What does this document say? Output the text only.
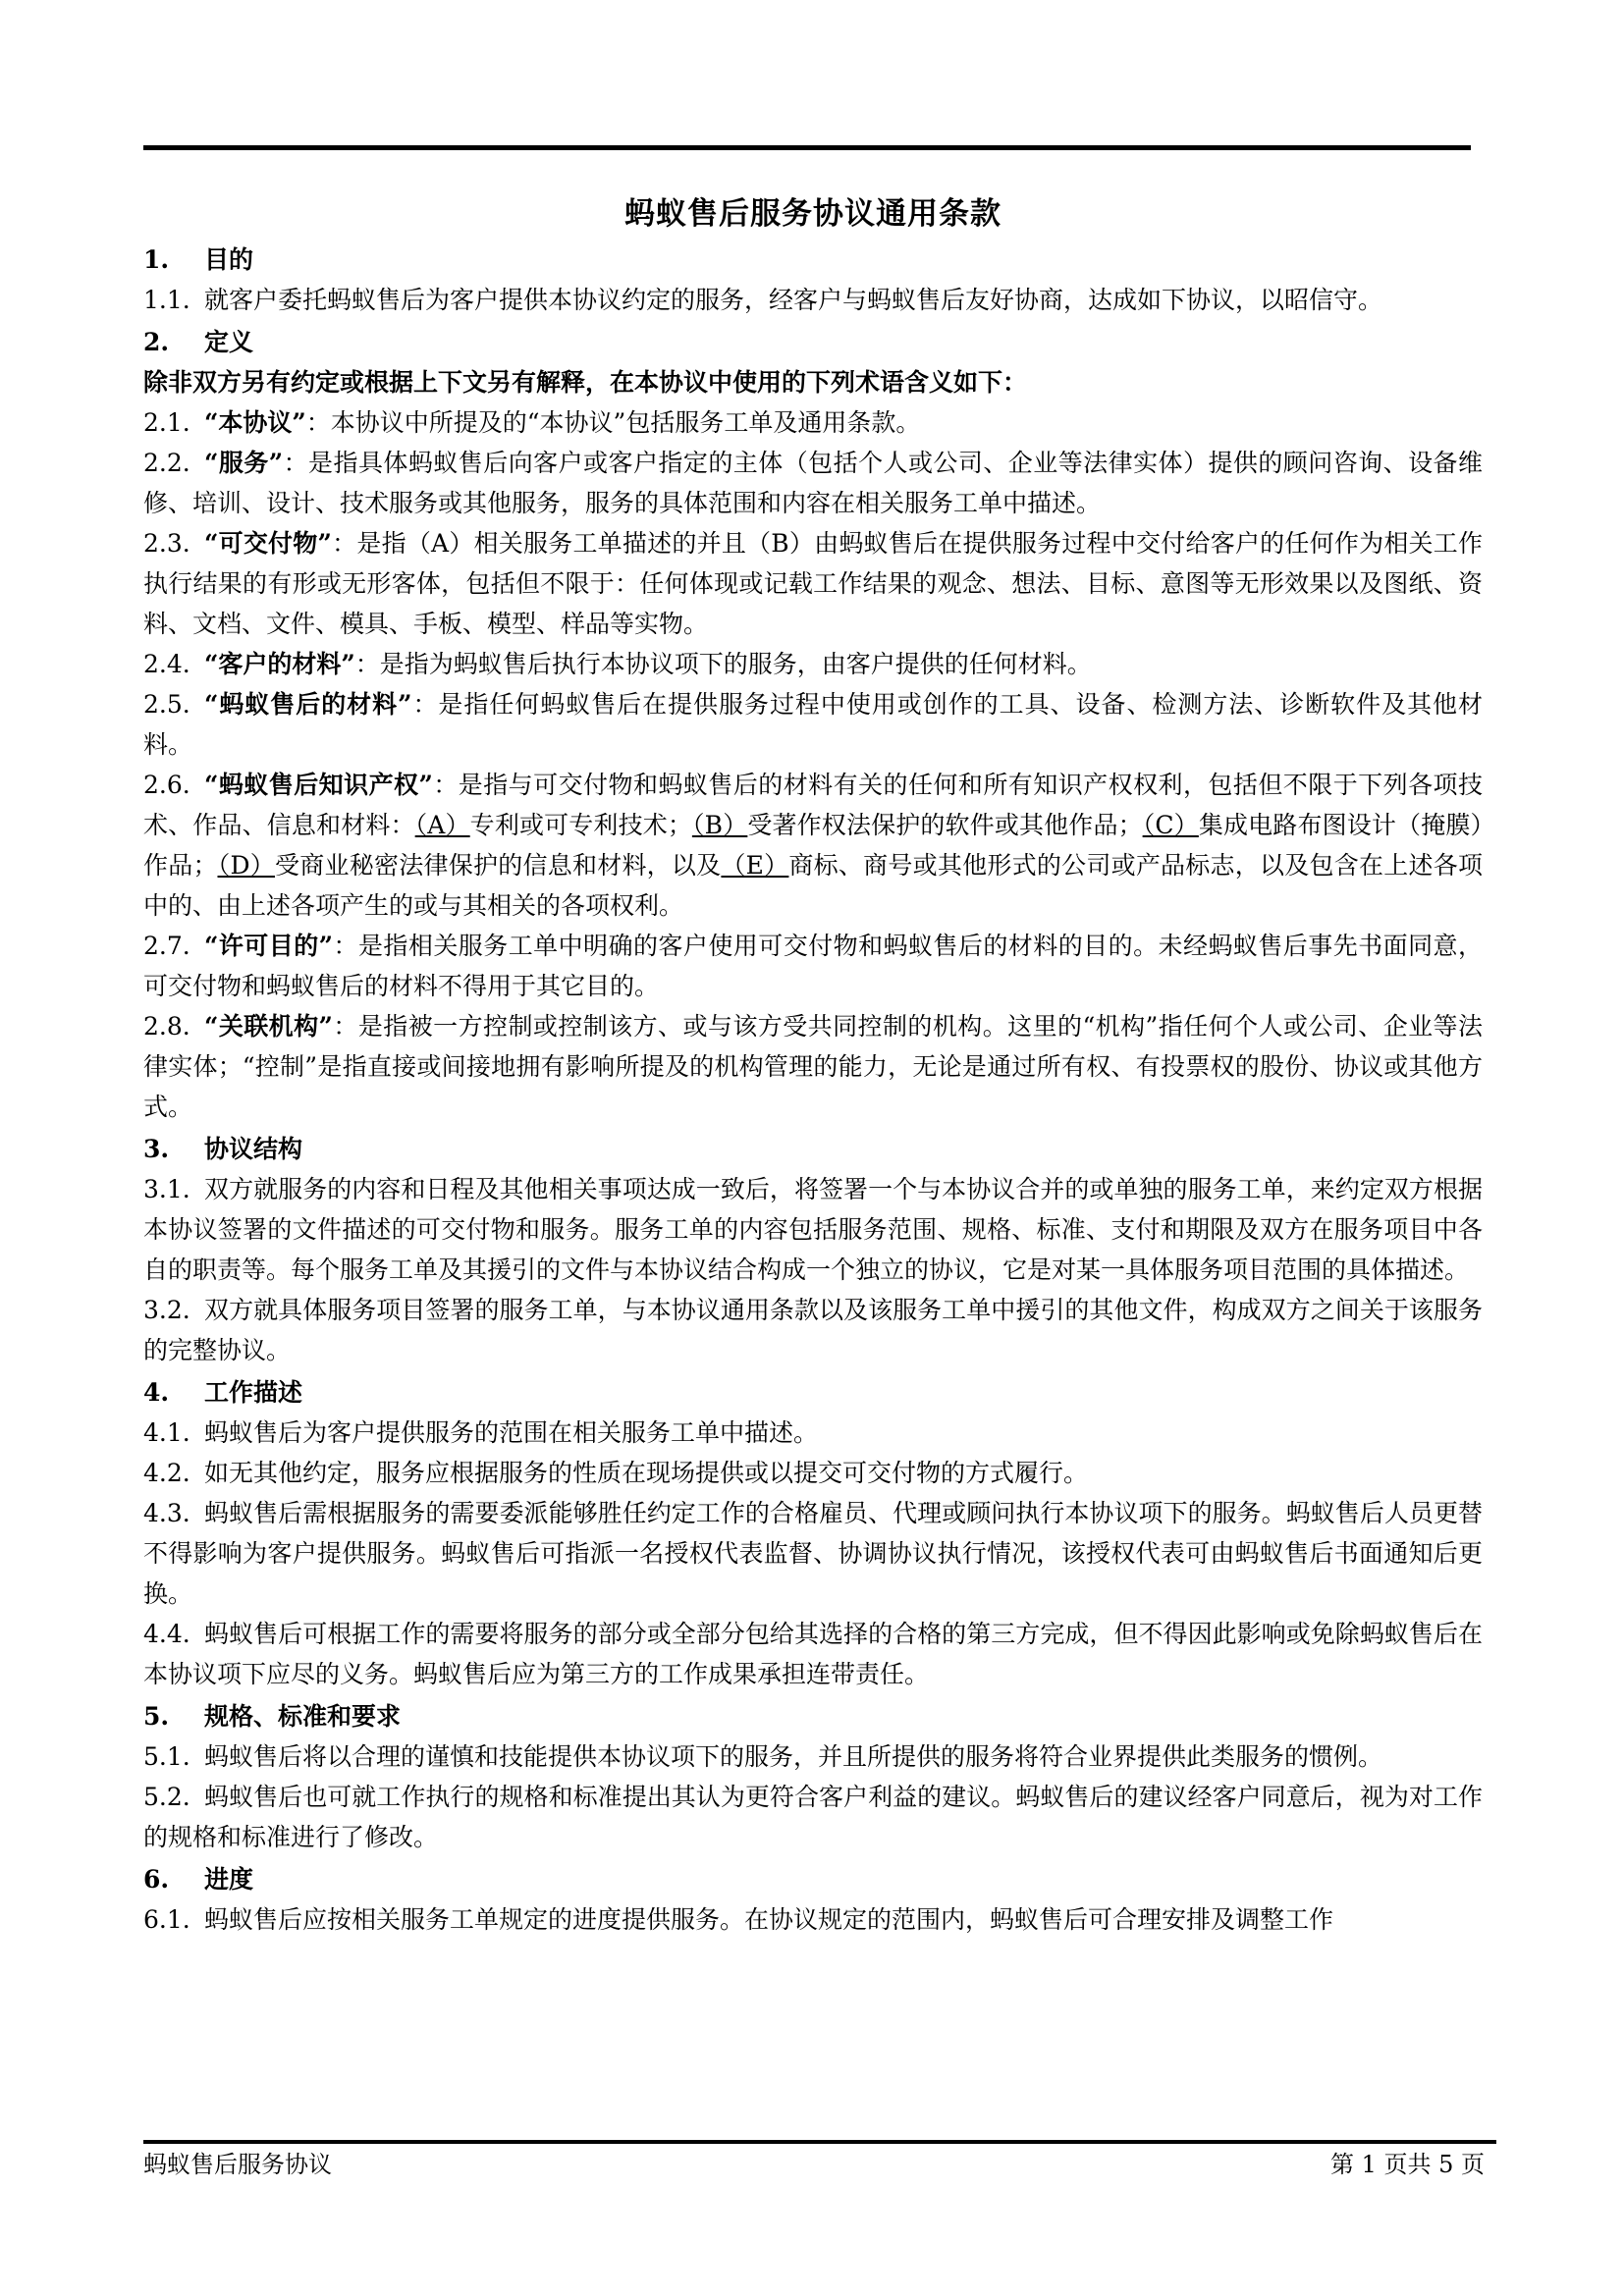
蚂蚁售后服务协议通用条款
1. 目的

1.1. 就客户委托蚂蚁售后为客户提供本协议约定的服务，经客户与蚂蚁售后友好协商，达成如下协议，以昭信守。

2. 定义

除非双方另有约定或根据上下文另有解释，在本协议中使用的下列术语含义如下：

2.1. “本协议”：本协议中所提及的“本协议”包括服务工单及通用条款。

2.2. “服务”：是指具体蚂蚁售后向客户或客户指定的主体（包括个人或公司、企业等法律实体）提供的顾问咨询、设备维修、培训、设计、技术服务或其他服务，服务的具体范围和内容在相关服务工单中描述。

2.3. “可交付物”：是指（A）相关服务工单描述的并且（B）由蚂蚁售后在提供服务过程中交付给客户的任何作为相关工作执行结果的有形或无形客体，包括但不限于：任何体现或记载工作结果的观念、想法、目标、意图等无形效果以及图纸、资料、文档、文件、模具、手板、模型、样品等实物。

2.4. “客户的材料”：是指为蚂蚁售后执行本协议项下的服务，由客户提供的任何材料。

2.5. “蚂蚁售后的材料”：是指任何蚂蚁售后在提供服务过程中使用或创作的工具、设备、检测方法、诊断软件及其他材料。

2.6. “蚂蚁售后知识产权”：是指与可交付物和蚂蚁售后的材料有关的任何和所有知识产权权利，包括但不限于下列各项技术、作品、信息和材料：（A）专利或可专利技术；（B）受著作权法保护的软件或其他作品；（C）集成电路布图设计（掩膜）作品；（D）受商业秘密法律保护的信息和材料，以及（E）商标、商号或其他形式的公司或产品标志，以及包含在上述各项中的、由上述各项产生的或与其相关的各项权利。

2.7. “许可目的”：是指相关服务工单中明确的客户使用可交付物和蚂蚁售后的材料的目的。未经蚂蚁售后事先书面同意，可交付物和蚂蚁售后的材料不得用于其它目的。

2.8. “关联机构”：是指被一方控制或控制该方、或与该方受共同控制的机构。这里的“机构”指任何个人或公司、企业等法律实体；“控制”是指直接或间接地拥有影响所提及的机构管理的能力，无论是通过所有权、有投票权的股份、协议或其他方式。

3. 协议结构

3.1. 双方就服务的内容和日程及其他相关事项达成一致后，将签署一个与本协议合并的或单独的服务工单，来约定双方根据本协议签署的文件描述的可交付物和服务。服务工单的内容包括服务范围、规格、标准、支付和期限及双方在服务项目中各自的职责等。每个服务工单及其援引的文件与本协议结合构成一个独立的协议，它是对某一具体服务项目范围的具体描述。

3.2. 双方就具体服务项目签署的服务工单，与本协议通用条款以及该服务工单中援引的其他文件，构成双方之间关于该服务的完整协议。

4. 工作描述

4.1. 蚂蚁售后为客户提供服务的范围在相关服务工单中描述。

4.2. 如无其他约定，服务应根据服务的性质在现场提供或以提交可交付物的方式履行。

4.3. 蚂蚁售后需根据服务的需要委派能够胜任约定工作的合格雇员、代理或顾问执行本协议项下的服务。蚂蚁售后人员更替不得影响为客户提供服务。蚂蚁售后可指派一名授权代表监督、协调协议执行情况，该授权代表可由蚂蚁售后书面通知后更换。

4.4. 蚂蚁售后可根据工作的需要将服务的部分或全部分包给其选择的合格的第三方完成，但不得因此影响或免除蚂蚁售后在本协议项下应尽的义务。蚂蚁售后应为第三方的工作成果承担连带责任。

5. 规格、标准和要求

5.1. 蚂蚁售后将以合理的谨慎和技能提供本协议项下的服务，并且所提供的服务将符合业界提供此类服务的惯例。

5.2. 蚂蚁售后也可就工作执行的规格和标准提出其认为更符合客户利益的建议。蚂蚁售后的建议经客户同意后，视为对工作的规格和标准进行了修改。

6. 进度

6.1. 蚂蚁售后应按相关服务工单规定的进度提供服务。在协议规定的范围内，蚂蚁售后可合理安排及调整工作

蚂蚁售后服务协议	第 1 页共 5 页
